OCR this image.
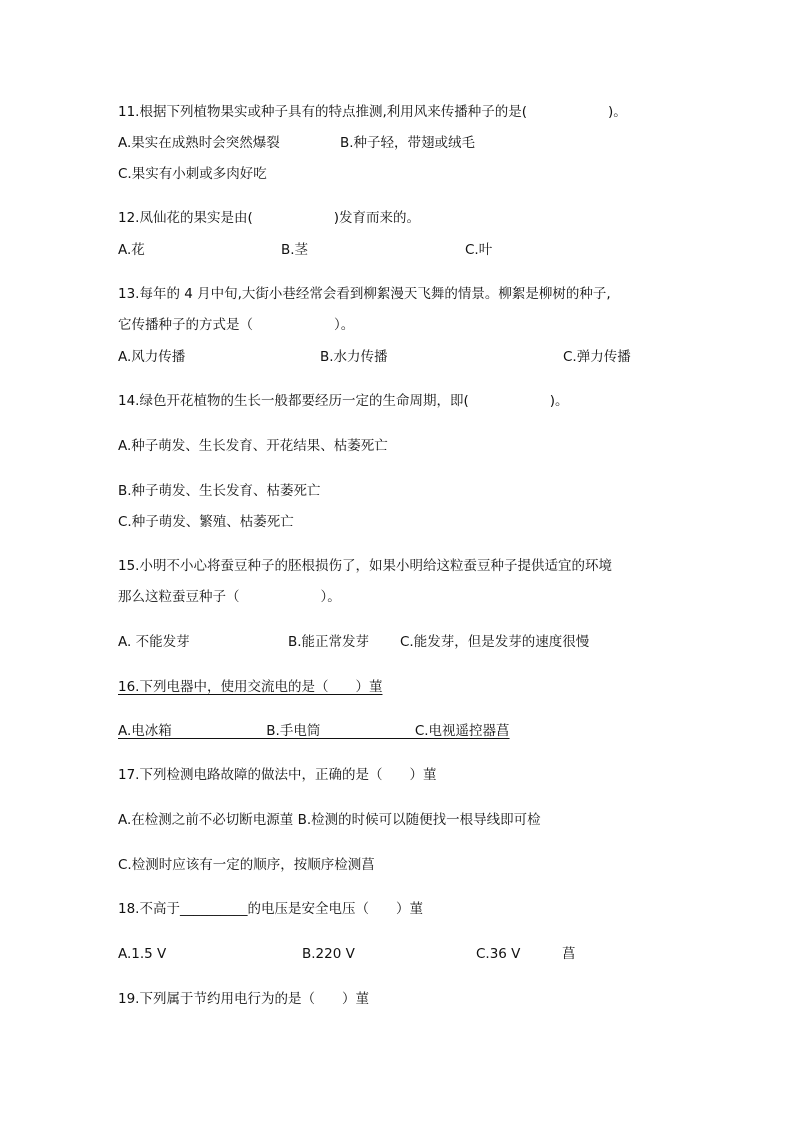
11.根据下列植物果实或种子具有的特点推测,利用风来传播种子的是(　　　　　　)。
A.果实在成熟时会突然爆裂	B.种子轻，带翅或绒毛
C.果实有小刺或多肉好吃
12.凤仙花的果实是由(　　　　　　)发育而来的。
A.花	B.茎	C.叶
13.每年的 4 月中旬,大街小巷经常会看到柳絮漫天飞舞的情景。柳絮是柳树的种子,
它传播种子的方式是（　　　　　　）。
A.风力传播	B.水力传播	C.弹力传播
14.绿色开花植物的生长一般都要经历一定的生命周期，即(　　　　　　)。
A.种子萌发、生长发育、开花结果、枯萎死亡
B.种子萌发、生长发育、枯萎死亡
C.种子萌发、繁殖、枯萎死亡
15.小明不小心将蚕豆种子的胚根损伤了，如果小明给这粒蚕豆种子提供适宜的环境
那么这粒蚕豆种子（　　　　　　）。
A. 不能发芽	B.能正常发芽 C.能发芽，但是发芽的速度很慢
16.下列电器中，使用交流电的是（　　）菫
A.电冰箱　　　　　　　B.手电筒　　　　　　　C.电视遥控器菖
17.下列检测电路故障的做法中，正确的是（　　）菫
A.在检测之前不必切断电源菫 B.检测的时候可以随便找一根导线即可检
C.检测时应该有一定的顺序，按顺序检测菖
18.不高于__________的电压是安全电压（　　）菫
A.1.5 V	B.220 V	C.36 V	菖
19.下列属于节约用电行为的是（　　）菫
